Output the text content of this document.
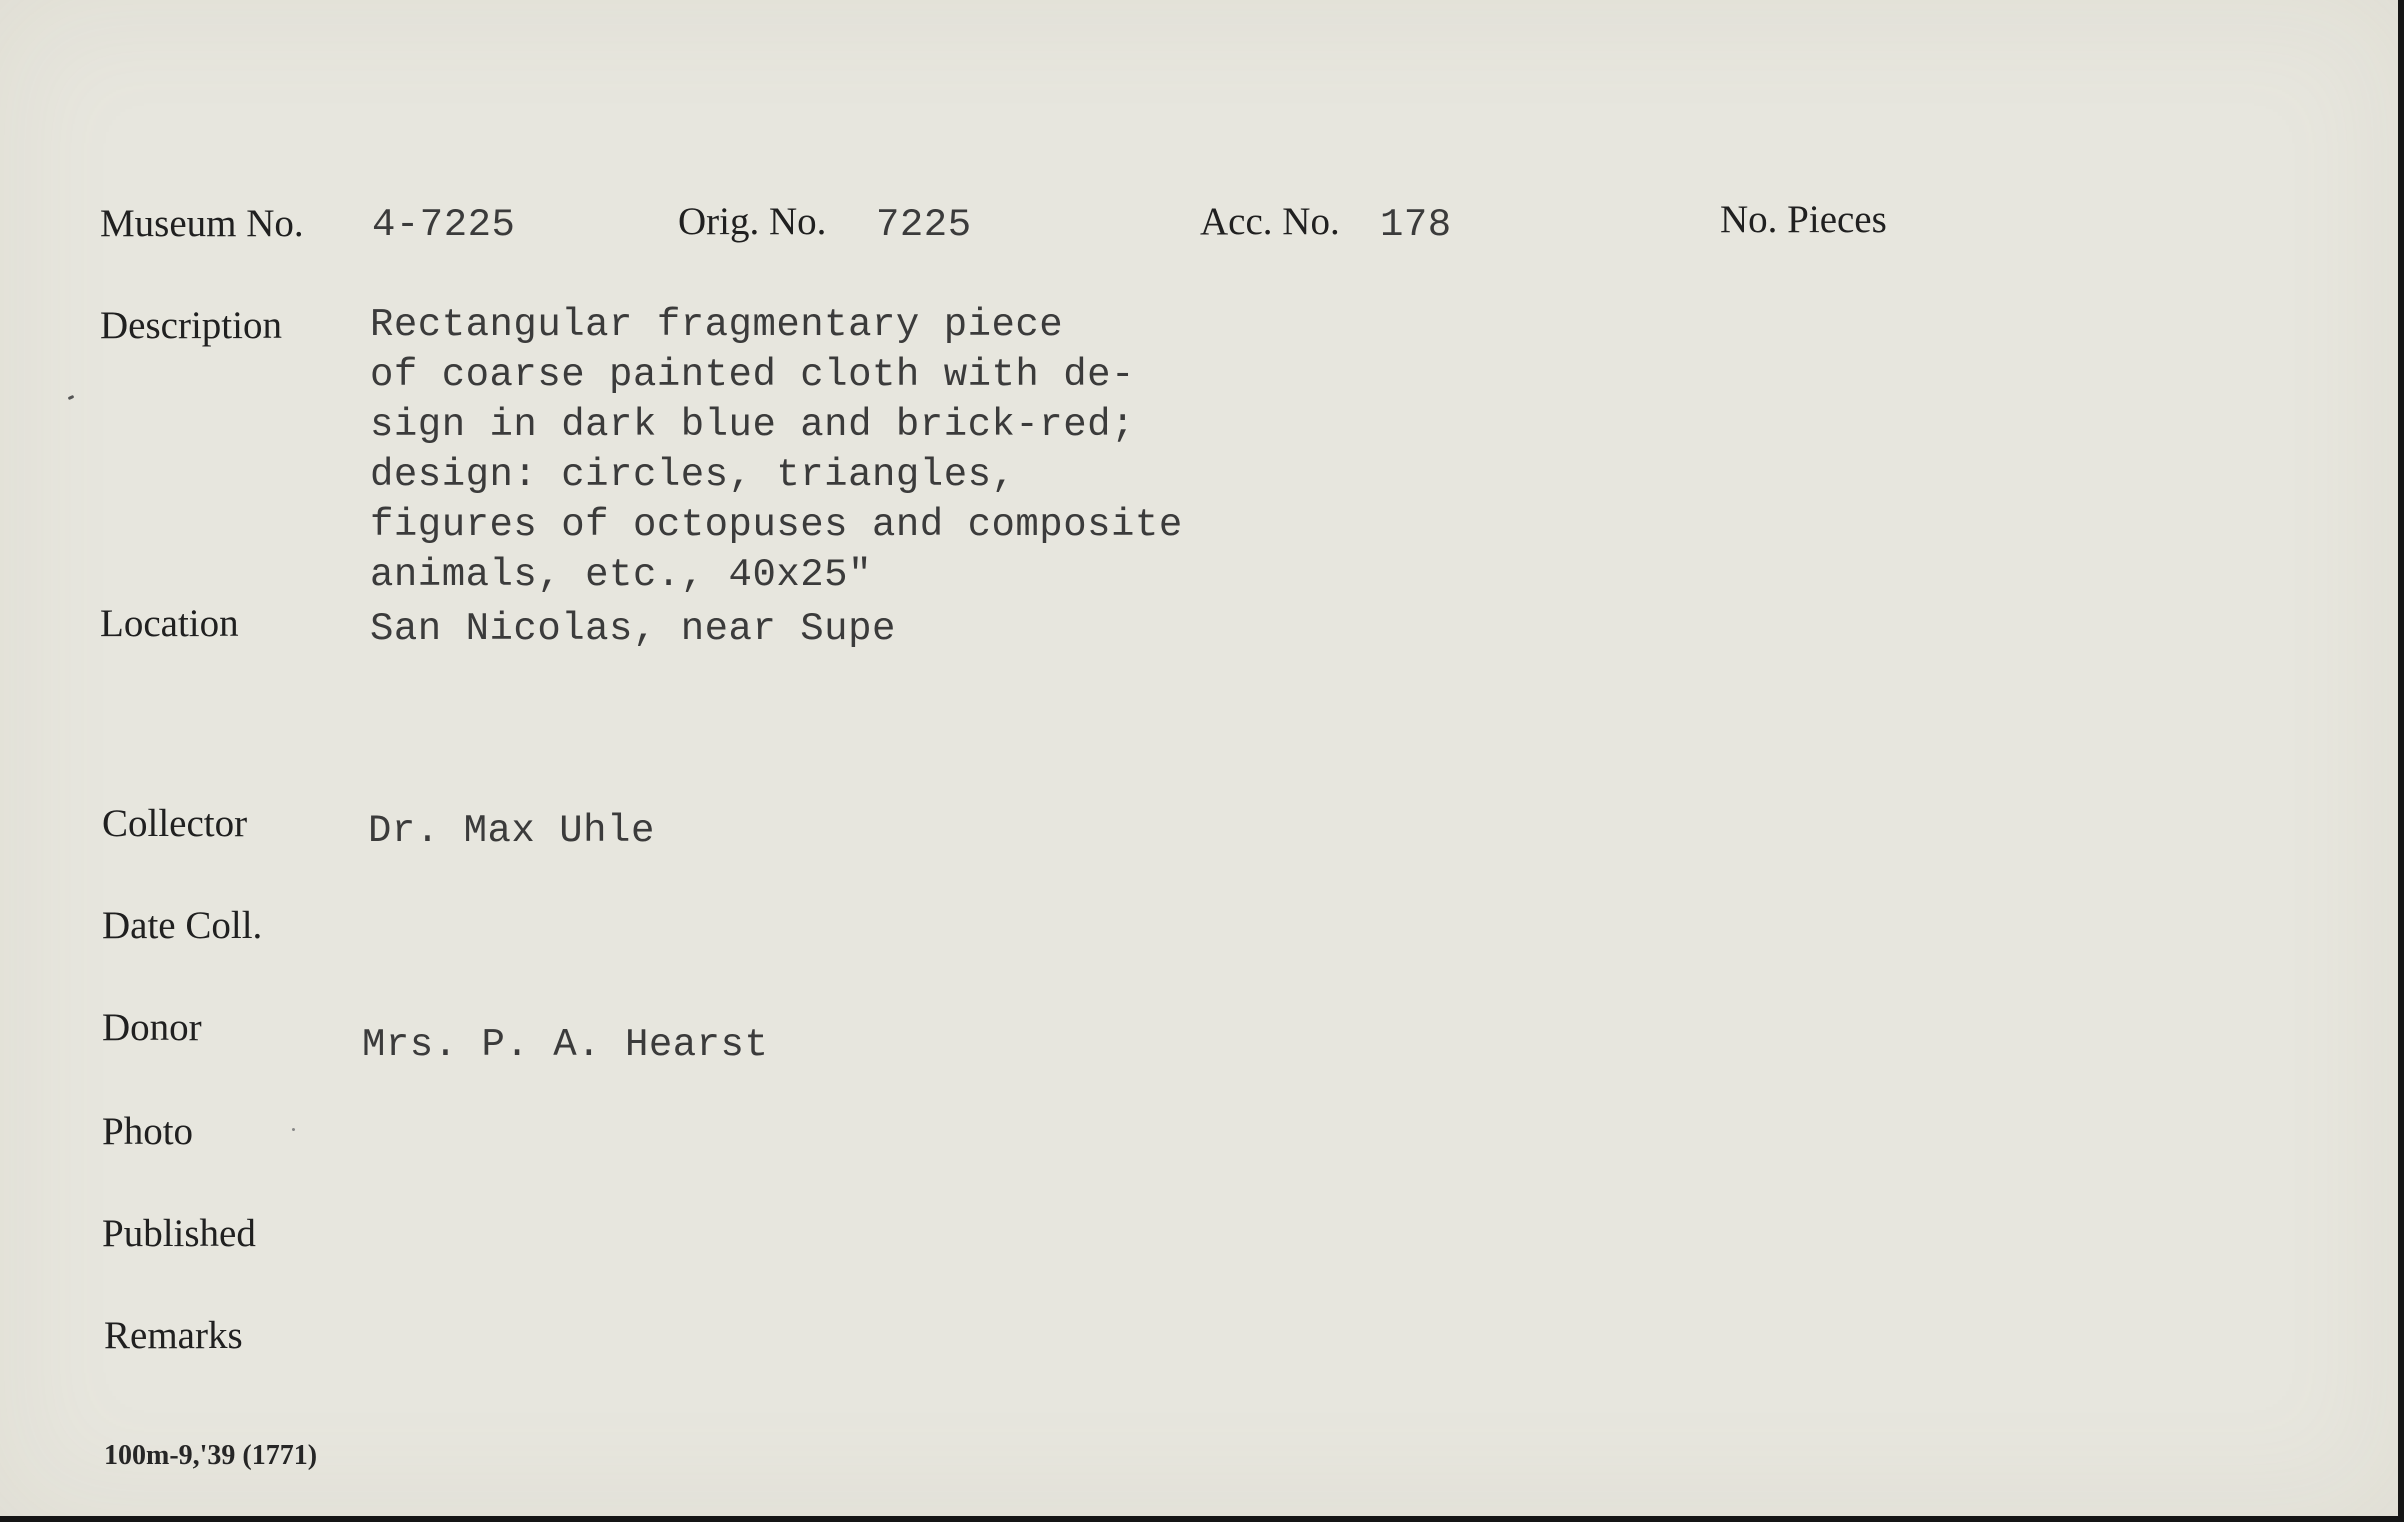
Museum No. 4-7225	Orig. No. 7225	Acc. No. 178	No. Pieces
Description Rectangular fragmentary piece
of coarse painted cloth with de-
sign in dark blue and brick-red;
design: circles, triangles,
figures of octopuses and composite
animals, etc., 40x25"
Location	San Nicolas, near Supe
Collector	Dr. Max Uhle
Date Coll.
Donor	Mrs. P. A. Hearst
Photo
Published
Remarks
100m-9,'39 (1771)
